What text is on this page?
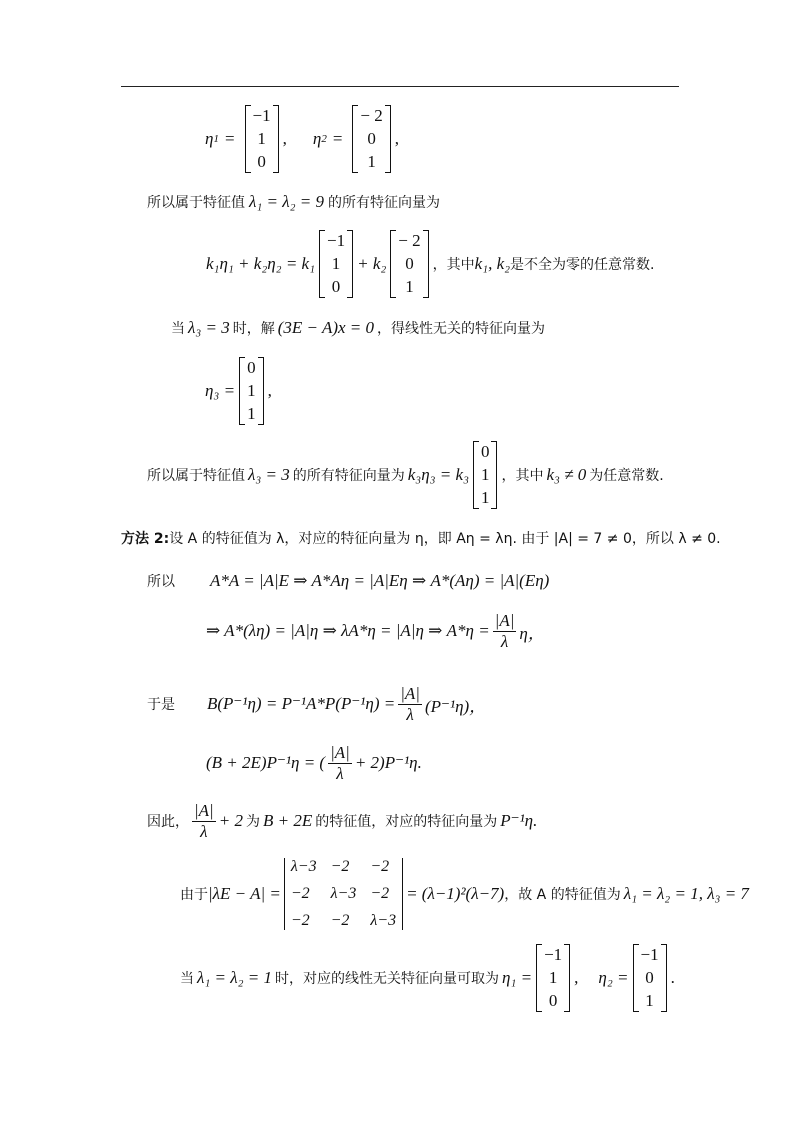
η 1 =
−1
1
0
, η 2 =
− 2
0
1
,
所以属于特征值 λ₁ = λ₂ = 9 的所有特征向量为
k₁η₁ + k₂η₂ = k₁
−1
1
0
+ k₂
− 2
0
1
，其中 k₁, k₂ 是不全为零的任意常数.
当 λ₃ = 3 时，解 (3E − A)x = 0 ，得线性无关的特征向量为
η₃ =
0
1
1
,
所以属于特征值 λ₃ = 3 的所有特征向量为 k₃η₃ = k₃
0
1
1
，其中 k₃ ≠ 0 为任意常数.
方法 2: 设 A 的特征值为 λ，对应的特征向量为 η，即 Aη = λη. 由于 |A| = 7 ≠ 0，所以 λ ≠ 0.
所以	A*A = |A|E ⇒ A*Aη = |A|Eη ⇒ A*(Aη) = |A|(Eη)
⇒ A*(λη) = |A|η ⇒ λA*η = |A|η ⇒ $A*\eta = \frac{|A|}{\lambda}$ η，
于是	$B(P^{-1}\eta) = P^{-1}A*P(P^{-1}\eta) = \frac{|A|}{\lambda} (P^{-1}\eta)$，
(B + 2E)P⁻¹η = ( $\frac{|A|}{\lambda} + 2)P^{-1}\eta$.
因此， $\frac{|A|}{\lambda} + 2$ 为 B + 2E 的特征值，对应的特征向量为 P⁻¹η.
由于 |λE − A| =
λ−3 −2	−2
−2	λ−3 −2
−2	−2	λ−3
= (λ−1)²(λ−7) ，故 A 的特征值为 λ₁ = λ₂ = 1, λ₃ = 7
当 λ₁ = λ₂ = 1 时，对应的线性无关特征向量可取为 η₁ =
−1
1
0
, η₂ =
−1
0
1
.
